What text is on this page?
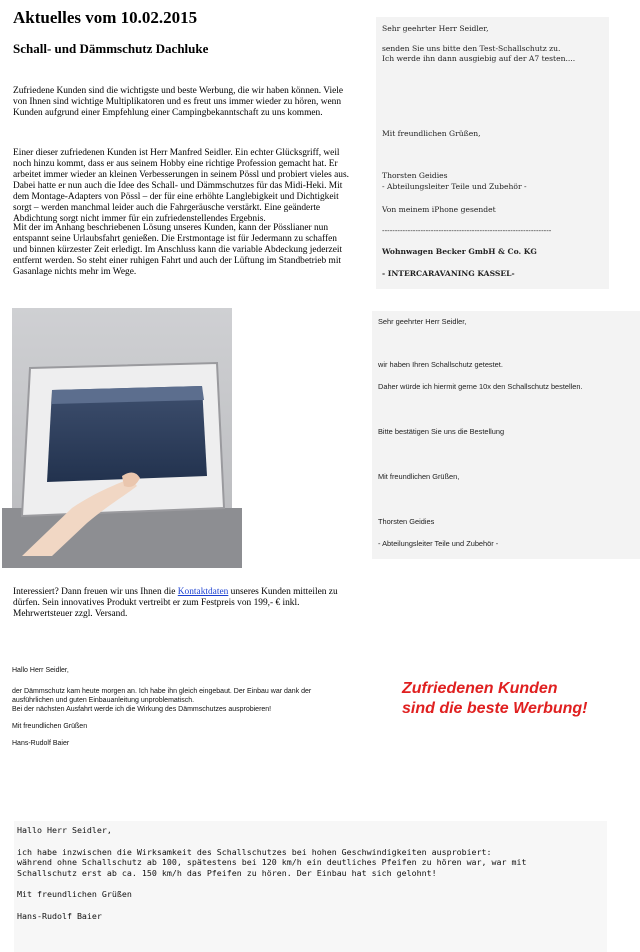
Aktuelles vom 10.02.2015
Schall- und Dämmschutz Dachluke
Zufriedene Kunden sind die wichtigste und beste Werbung, die wir haben können. Viele
von Ihnen sind wichtige Multiplikatoren und es freut uns immer wieder zu hören, wenn
Kunden aufgrund einer Empfehlung einer Campingbekanntschaft zu uns kommen.
Einer dieser zufriedenen Kunden ist Herr Manfred Seidler. Ein echter Glücksgriff, weil
noch hinzu kommt, dass er aus seinem Hobby eine richtige Profession gemacht hat. Er
arbeitet immer wieder an kleinen Verbesserungen in seinem Pössl und probiert vieles aus.
Dabei hatte er nun auch die Idee des Schall- und Dämmschutzes für das Midi-Heki. Mit
dem Montage-Adapters von Pössl – der für eine erhöhte Langlebigkeit und Dichtigkeit
sorgt – werden manchmal leider auch die Fahrgeräusche verstärkt. Eine geänderte
Abdichtung sorgt nicht immer für ein zufriedenstellendes Ergebnis.
Mit der im Anhang beschriebenen Lösung unseres Kunden, kann der Pösslianer nun
entspannt seine Urlaubsfahrt genießen. Die Erstmontage ist für Jedermann zu schaffen
und binnen kürzester Zeit erledigt. Im Anschluss kann die variable Abdeckung jederzeit
entfernt werden. So steht einer ruhigen Fahrt und auch der Lüftung im Standbetrieb mit
Gasanlage nichts mehr im Wege.
Sehr geehrter Herr Seidler,
senden Sie uns bitte den Test-Schallschutz zu.
Ich werde ihn dann ausgiebig auf der A7 testen....
Mit freundlichen Grüßen,
Thorsten Geidies
- Abteilungsleiter Teile und Zubehör -
Von meinem iPhone gesendet
------------------------------------------------------------------
Wohnwagen Becker GmbH & Co. KG
- INTERCARAVANING KASSEL-
Sehr geehrter Herr Seidler,
wir haben Ihren Schallschutz getestet.
Daher würde ich hiermit gerne 10x den Schallschutz bestellen.
Bitte bestätigen Sie uns die Bestellung
Mit freundlichen Grüßen,
Thorsten Geidies
- Abteilungsleiter Teile und Zubehör -
Interessiert? Dann freuen wir uns Ihnen die Kontaktdaten unseres Kunden mitteilen zu
dürfen. Sein innovatives Produkt vertreibt er zum Festpreis von 199,- € inkl.
Mehrwertsteuer zzgl. Versand.
Hallo Herr Seidler,
der Dämmschutz kam heute morgen an. Ich habe ihn gleich eingebaut. Der Einbau war dank der
ausführlichen und guten Einbauanleitung unproblematisch.
Bei der nächsten Ausfahrt werde ich die Wirkung des Dämmschutzes ausprobieren!
Mit freundlichen Grüßen
Hans-Rudolf Baier
Zufriedenen Kunden
sind die beste Werbung!
Hallo Herr Seidler,
ich habe inzwischen die Wirksamkeit des Schallschutzes bei hohen Geschwindigkeiten ausprobiert:
während ohne Schallschutz ab 100, spätestens bei 120 km/h ein deutliches Pfeifen zu hören war, war mit
Schallschutz erst ab ca. 150 km/h das Pfeifen zu hören. Der Einbau hat sich gelohnt!
Mit freundlichen Grüßen
Hans-Rudolf Baier
